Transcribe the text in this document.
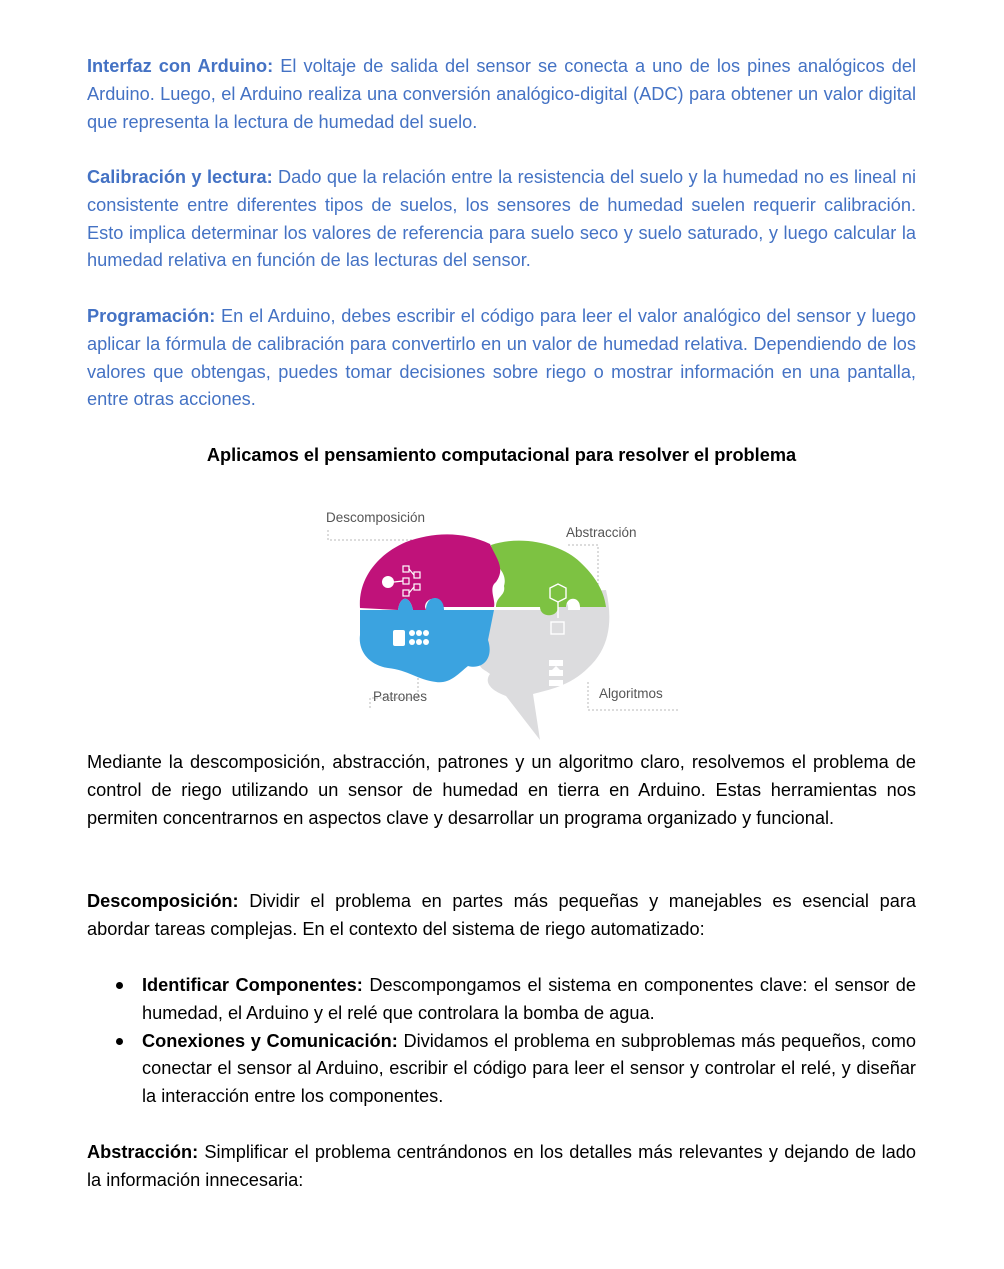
Interfaz con Arduino: El voltaje de salida del sensor se conecta a uno de los pines analógicos del Arduino. Luego, el Arduino realiza una conversión analógico-digital (ADC) para obtener un valor digital que representa la lectura de humedad del suelo.

Calibración y lectura: Dado que la relación entre la resistencia del suelo y la humedad no es lineal ni consistente entre diferentes tipos de suelos, los sensores de humedad suelen requerir calibración. Esto implica determinar los valores de referencia para suelo seco y suelo saturado, y luego calcular la humedad relativa en función de las lecturas del sensor.

Programación: En el Arduino, debes escribir el código para leer el valor analógico del sensor y luego aplicar la fórmula de calibración para convertirlo en un valor de humedad relativa. Dependiendo de los valores que obtengas, puedes tomar decisiones sobre riego o mostrar información en una pantalla, entre otras acciones.

Aplicamos el pensamiento computacional para resolver el problema
Descomposición
Abstracción
Patrones	Algoritmos

Mediante la descomposición, abstracción, patrones y un algoritmo claro, resolvemos el problema de control de riego utilizando un sensor de humedad en tierra en Arduino. Estas herramientas nos permiten concentrarnos en aspectos clave y desarrollar un programa organizado y funcional.

Descomposición: Dividir el problema en partes más pequeñas y manejables es esencial para abordar tareas complejas. En el contexto del sistema de riego automatizado:

Identificar Componentes: Descompongamos el sistema en componentes clave: el sensor de humedad, el Arduino y el relé que controlara la bomba de agua.
Conexiones y Comunicación: Dividamos el problema en subproblemas más pequeños, como conectar el sensor al Arduino, escribir el código para leer el sensor y controlar el relé, y diseñar la interacción entre los componentes.

Abstracción: Simplificar el problema centrándonos en los detalles más relevantes y dejando de lado la información innecesaria:
